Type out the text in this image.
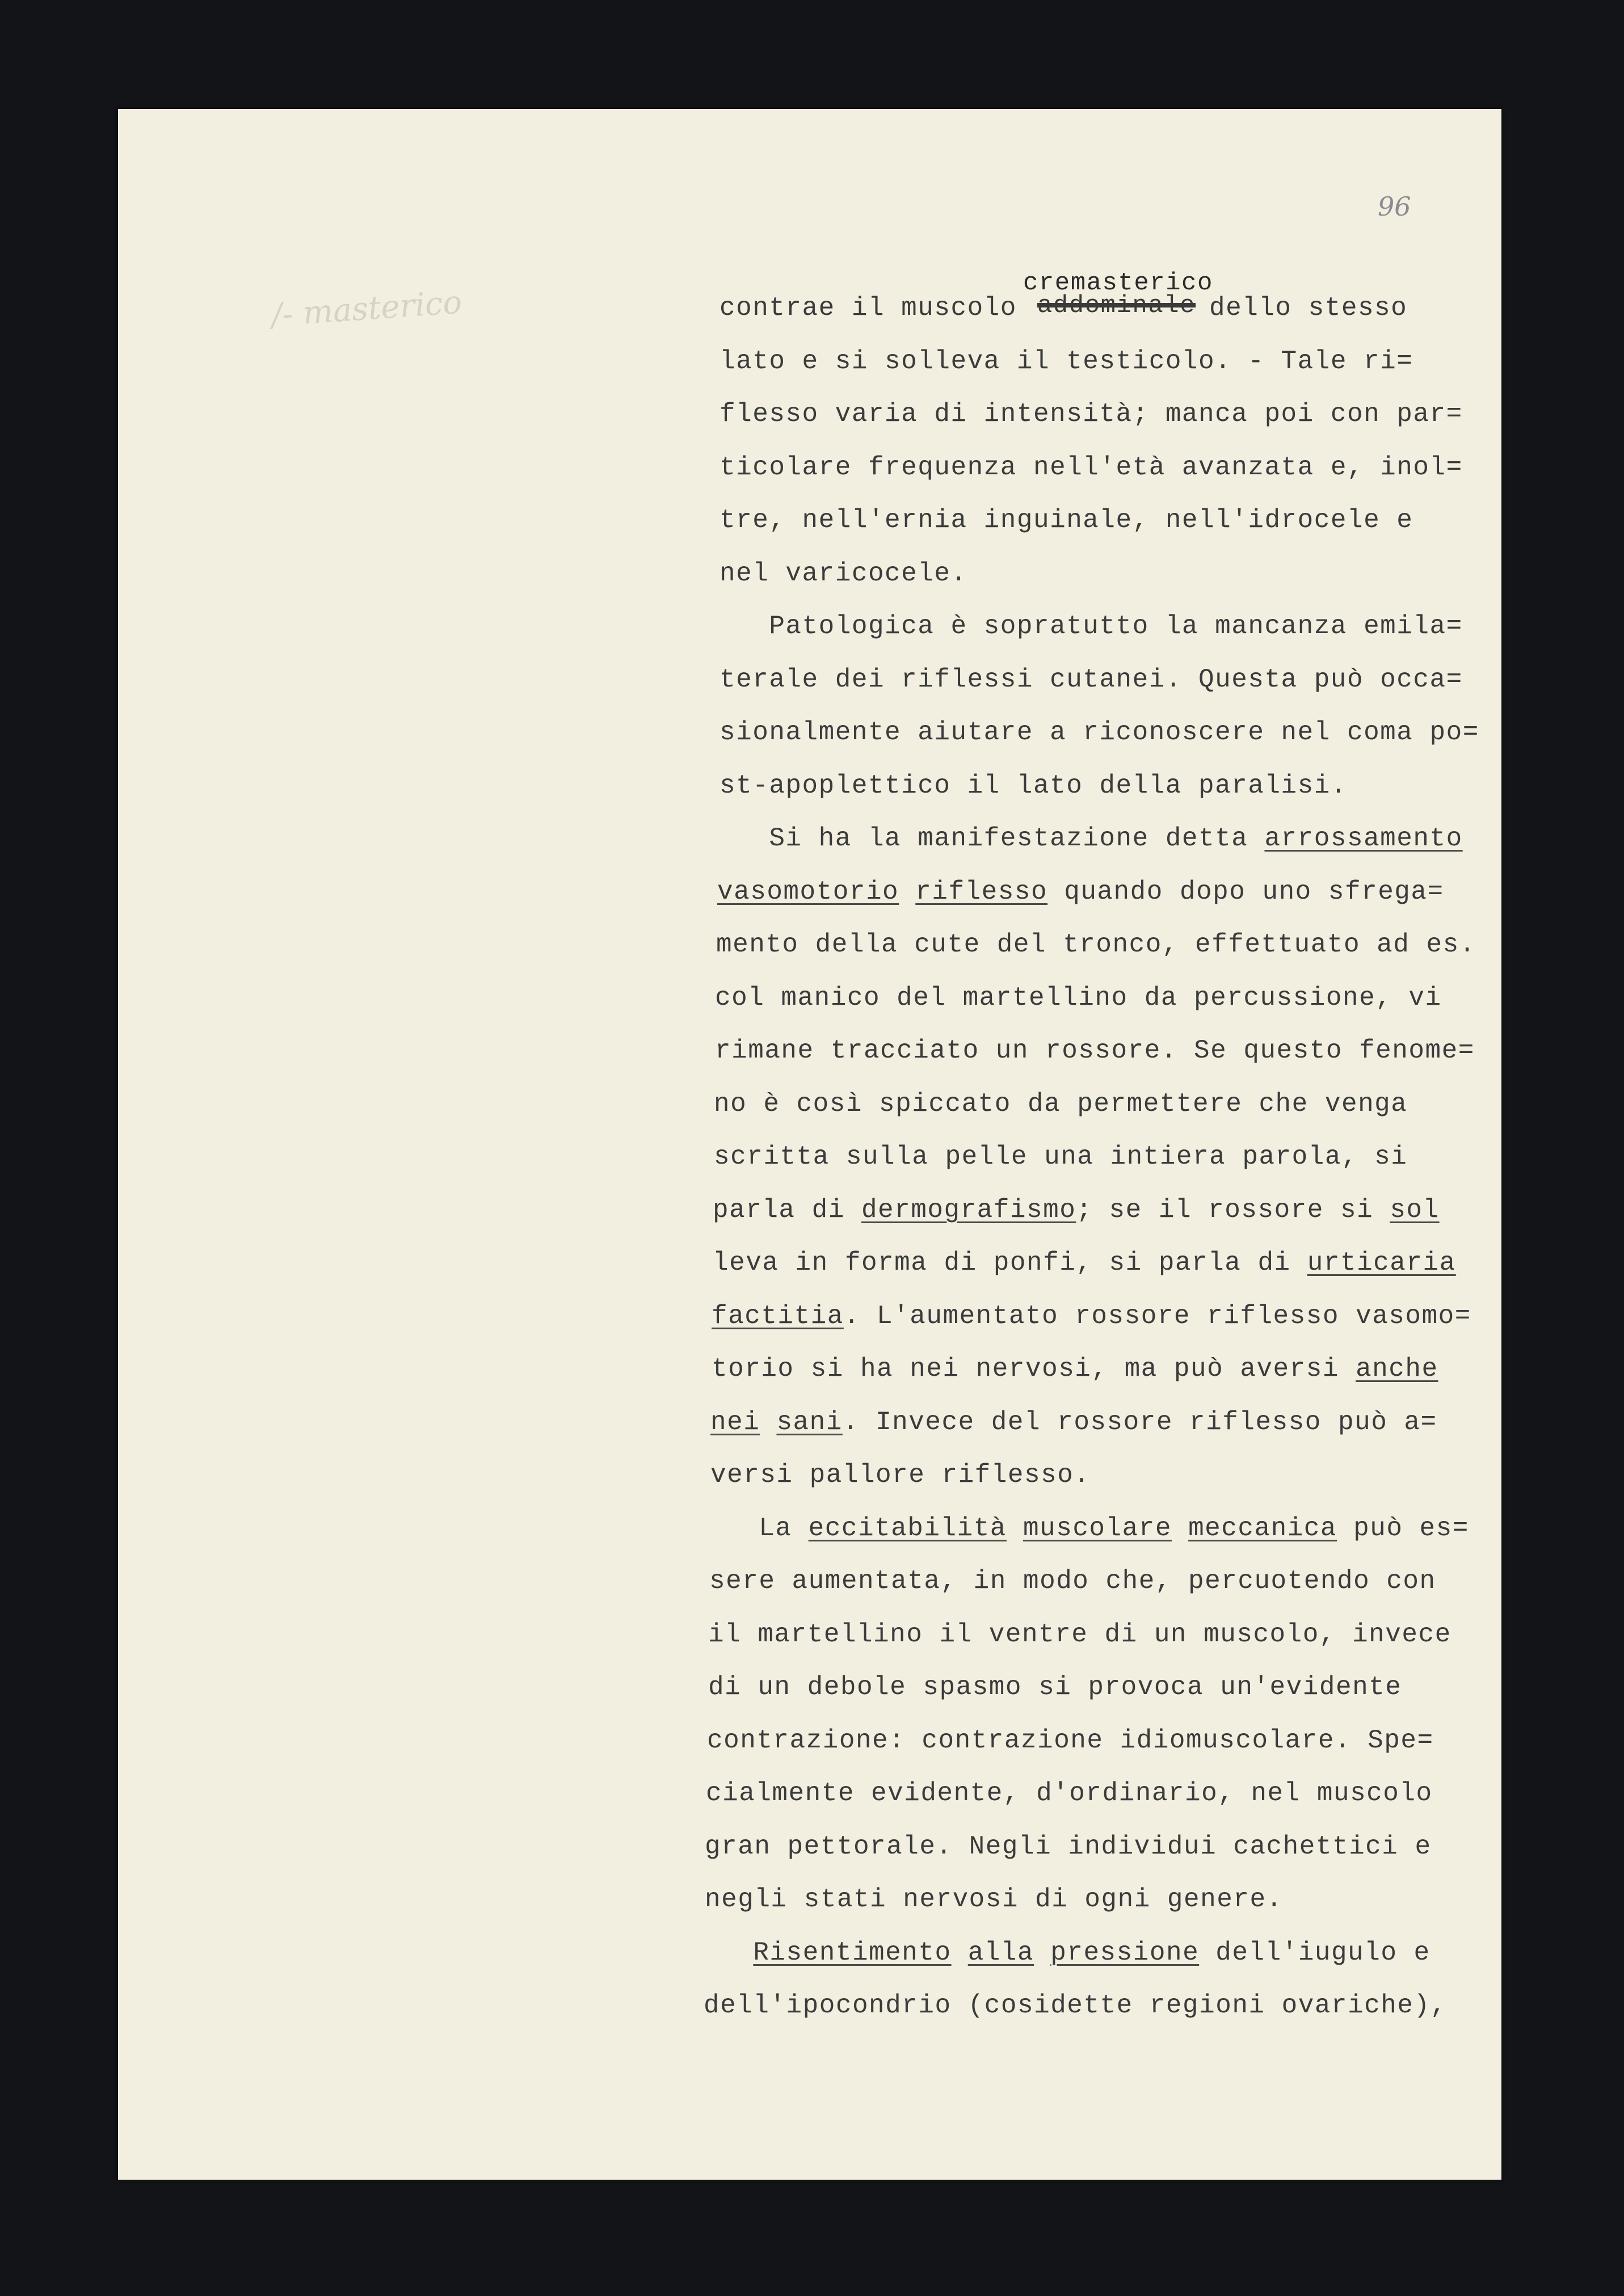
96
/- masterico
cremasterico
addominale
contrae il muscolo	dello stesso
lato e si solleva il testicolo. - Tale ri=
flesso varia di intensità; manca poi con par=
ticolare frequenza nell'età avanzata e, inol=
tre, nell'ernia inguinale, nell'idrocele e
nel varicocele.
Patologica è sopratutto la mancanza emila=
terale dei riflessi cutanei. Questa può occa=
sionalmente aiutare a riconoscere nel coma po=
st-apoplettico il lato della paralisi.
Si ha la manifestazione detta arrossamento
vasomotorio riflesso quando dopo uno sfrega=
mento della cute del tronco, effettuato ad es.
col manico del martellino da percussione, vi
rimane tracciato un rossore. Se questo fenome=
no è così spiccato da permettere che venga
scritta sulla pelle una intiera parola, si
parla di dermografismo; se il rossore si sol
leva in forma di ponfi, si parla di urticaria
factitia. L'aumentato rossore riflesso vasomo=
torio si ha nei nervosi, ma può aversi anche
nei sani. Invece del rossore riflesso può a=
versi pallore riflesso.
La eccitabilità muscolare meccanica può es=
sere aumentata, in modo che, percuotendo con
il martellino il ventre di un muscolo, invece
di un debole spasmo si provoca un'evidente
contrazione: contrazione idiomuscolare. Spe=
cialmente evidente, d'ordinario, nel muscolo
gran pettorale. Negli individui cachettici e
negli stati nervosi di ogni genere.
Risentimento alla pressione dell'iugulo e
dell'ipocondrio (cosidette regioni ovariche),
